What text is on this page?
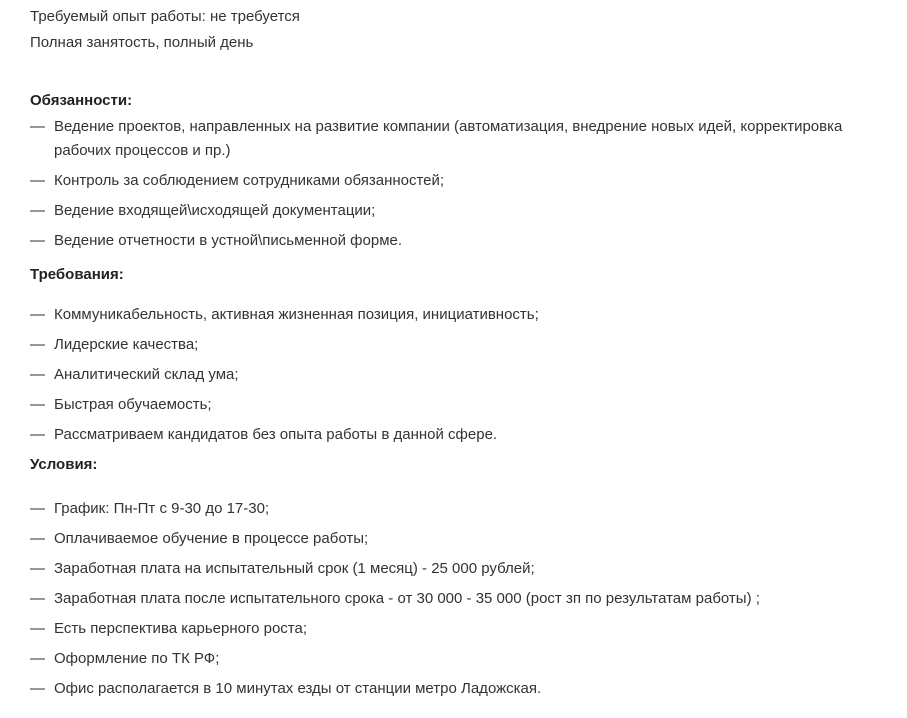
Требуемый опыт работы: не требуется
Полная занятость, полный день
Обязанности:
— Ведение проектов, направленных на развитие компании (автоматизация, внедрение новых идей, корректировка рабочих процессов и пр.)
— Контроль за соблюдением сотрудниками обязанностей;
— Ведение входящей\исходящей документации;
— Ведение отчетности в устной\письменной форме.
Требования:
— Коммуникабельность, активная жизненная позиция, инициативность;
— Лидерские качества;
— Аналитический склад ума;
— Быстрая обучаемость;
— Рассматриваем кандидатов без опыта работы в данной сфере.
Условия:
— График: Пн-Пт с 9-30 до 17-30;
— Оплачиваемое обучение в процессе работы;
— Заработная плата на испытательный срок (1 месяц) - 25 000 рублей;
— Заработная плата после испытательного срока - от 30 000 - 35 000 (рост зп по результатам работы) ;
— Есть перспектива карьерного роста;
— Оформление по ТК РФ;
— Офис располагается в 10 минутах езды от станции метро Ладожская.
